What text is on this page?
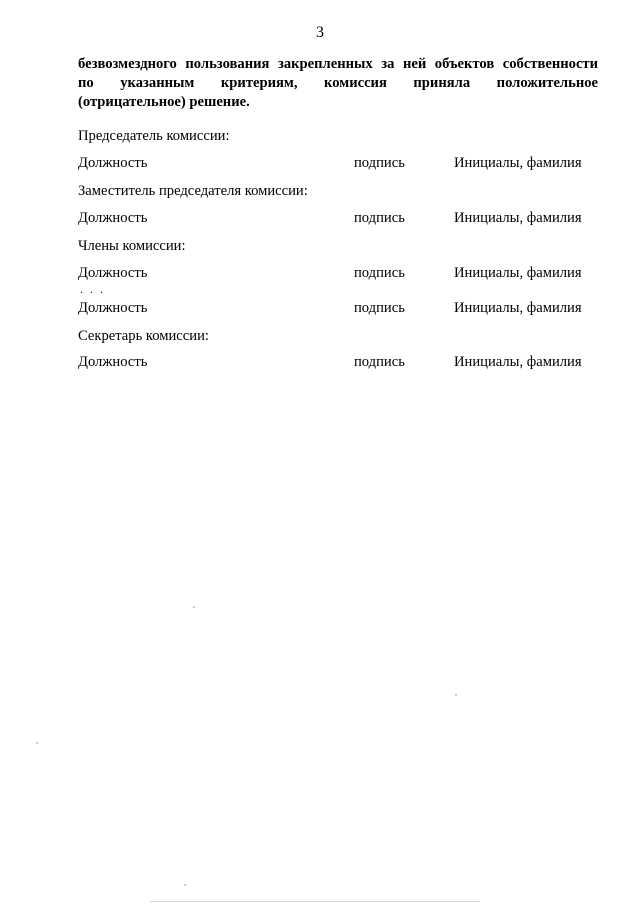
3
безвозмездного пользования закрепленных за ней объектов собственности
по указанным критериям, комиссия приняла положительное
(отрицательное) решение.
Председатель комиссии:
Должность	подпись	Инициалы, фамилия
Заместитель председателя комиссии:
Должность	подпись	Инициалы, фамилия
Члены комиссии:
Должность	подпись	Инициалы, фамилия
. . .
Должность	подпись	Инициалы, фамилия
Секретарь комиссии:
Должность	подпись	Инициалы, фамилия
